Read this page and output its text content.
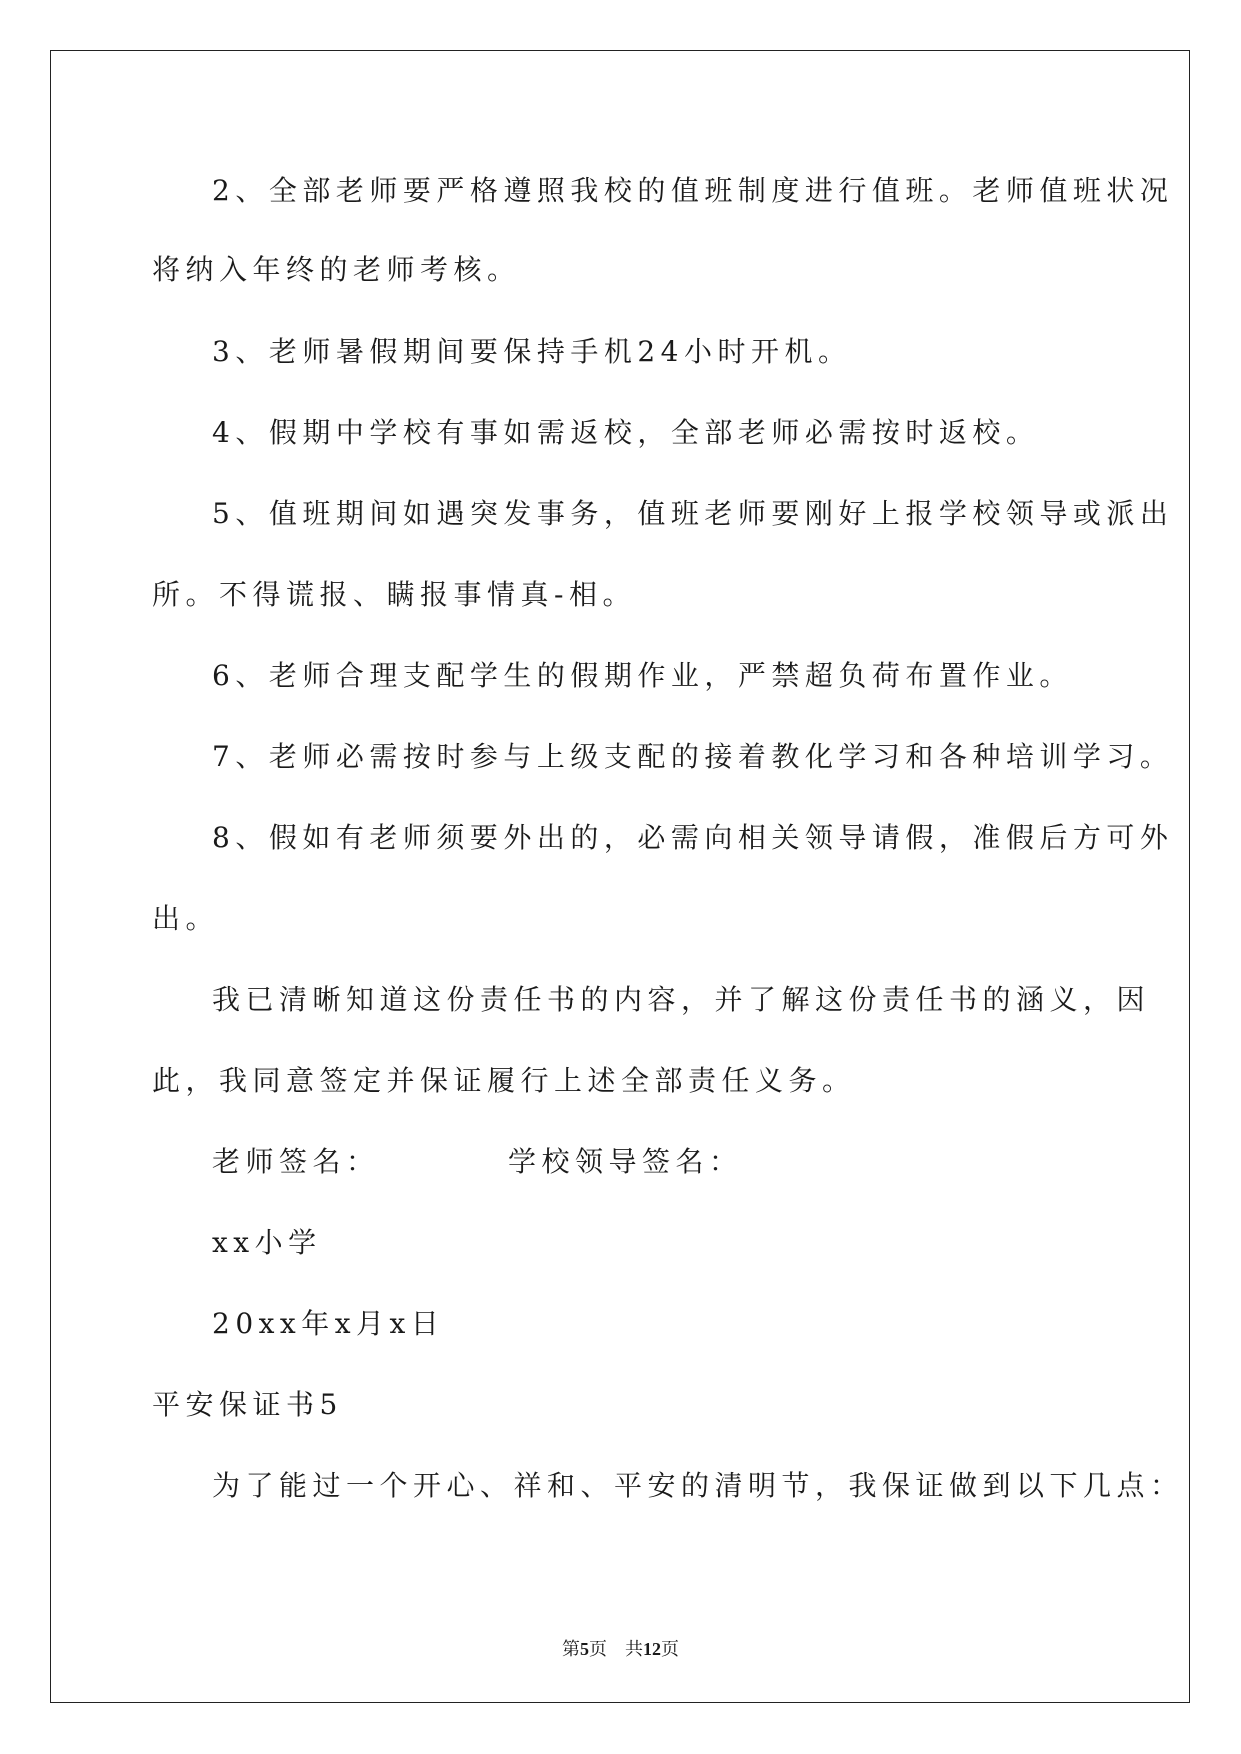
2、全部老师要严格遵照我校的值班制度进行值班。老师值班状况
将纳入年终的老师考核。
3、老师暑假期间要保持手机24小时开机。
4、假期中学校有事如需返校，全部老师必需按时返校。
5、值班期间如遇突发事务，值班老师要刚好上报学校领导或派出
所。不得谎报、瞒报事情真-相。
6、老师合理支配学生的假期作业，严禁超负荷布置作业。
7、老师必需按时参与上级支配的接着教化学习和各种培训学习。
8、假如有老师须要外出的，必需向相关领导请假，准假后方可外
出。
我已清晰知道这份责任书的内容，并了解这份责任书的涵义，因
此，我同意签定并保证履行上述全部责任义务。
老师签名：	学校领导签名：
xx小学
20xx年x月x日
平安保证书5
为了能过一个开心、祥和、平安的清明节，我保证做到以下几点：
第5页　共12页
